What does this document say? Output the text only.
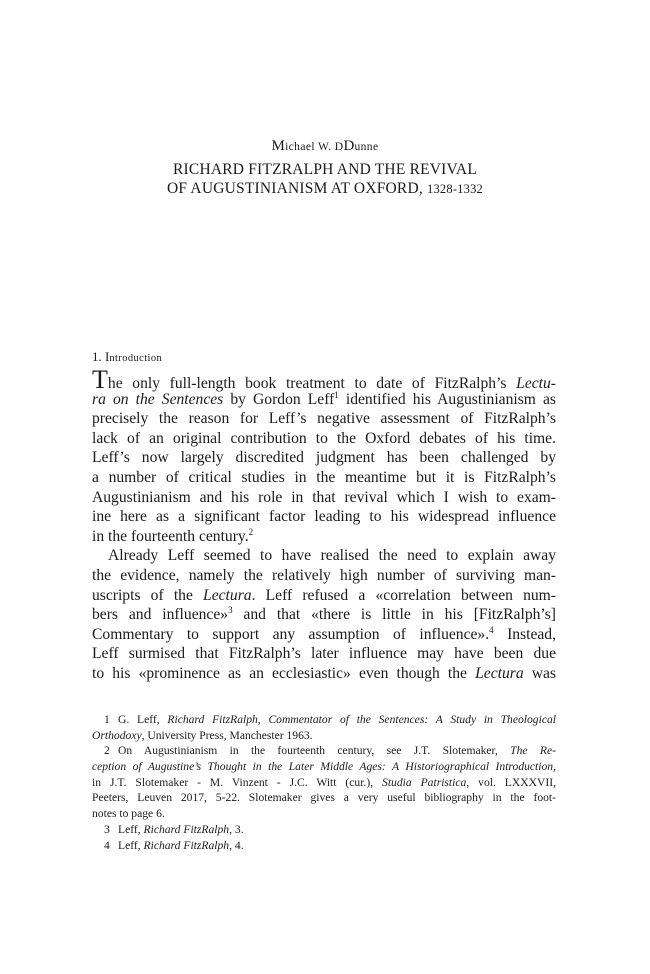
Michael W. DDunne
RICHARD FITZRALPH AND THE REVIVAL
OF AUGUSTINIANISM AT OXFORD, 1328-1332
1. Introduction
The only full-length book treatment to date of FitzRalph’s Lectu-
ra on the Sentences by Gordon Leff$^1$ identified his Augustinianism as
precisely the reason for Leff’s negative assessment of FitzRalph’s
lack of an original contribution to the Oxford debates of his time.
Leff’s now largely discredited judgment has been challenged by
a number of critical studies in the meantime but it is FitzRalph’s
Augustinianism and his role in that revival which I wish to exam-
ine here as a significant factor leading to his widespread influence
in the fourteenth century.$^2$
Already Leff seemed to have realised the need to explain away
the evidence, namely the relatively high number of surviving man-
uscripts of the Lectura. Leff refused a «correlation between num-
bers and influence»$^3$ and that «there is little in his [FitzRalph’s]
Commentary to support any assumption of influence».$^4$ Instead,
Leff surmised that FitzRalph’s later influence may have been due
to his «prominence as an ecclesiastic» even though the Lectura was
1 G. Leff, Richard FitzRalph, Commentator of the Sentences: A Study in Theological
Orthodoxy, University Press, Manchester 1963.
2 On Augustinianism in the fourteenth century, see J.T. Slotemaker, The Re-
ception of Augustine’s Thought in the Later Middle Ages: A Historiographical Introduction,
in J.T. Slotemaker - M. Vinzent - J.C. Witt (cur.), Studia Patristica, vol. LXXXVII,
Peeters, Leuven 2017, 5-22. Slotemaker gives a very useful bibliography in the foot-
notes to page 6.
3 Leff, Richard FitzRalph, 3.
4 Leff, Richard FitzRalph, 4.
